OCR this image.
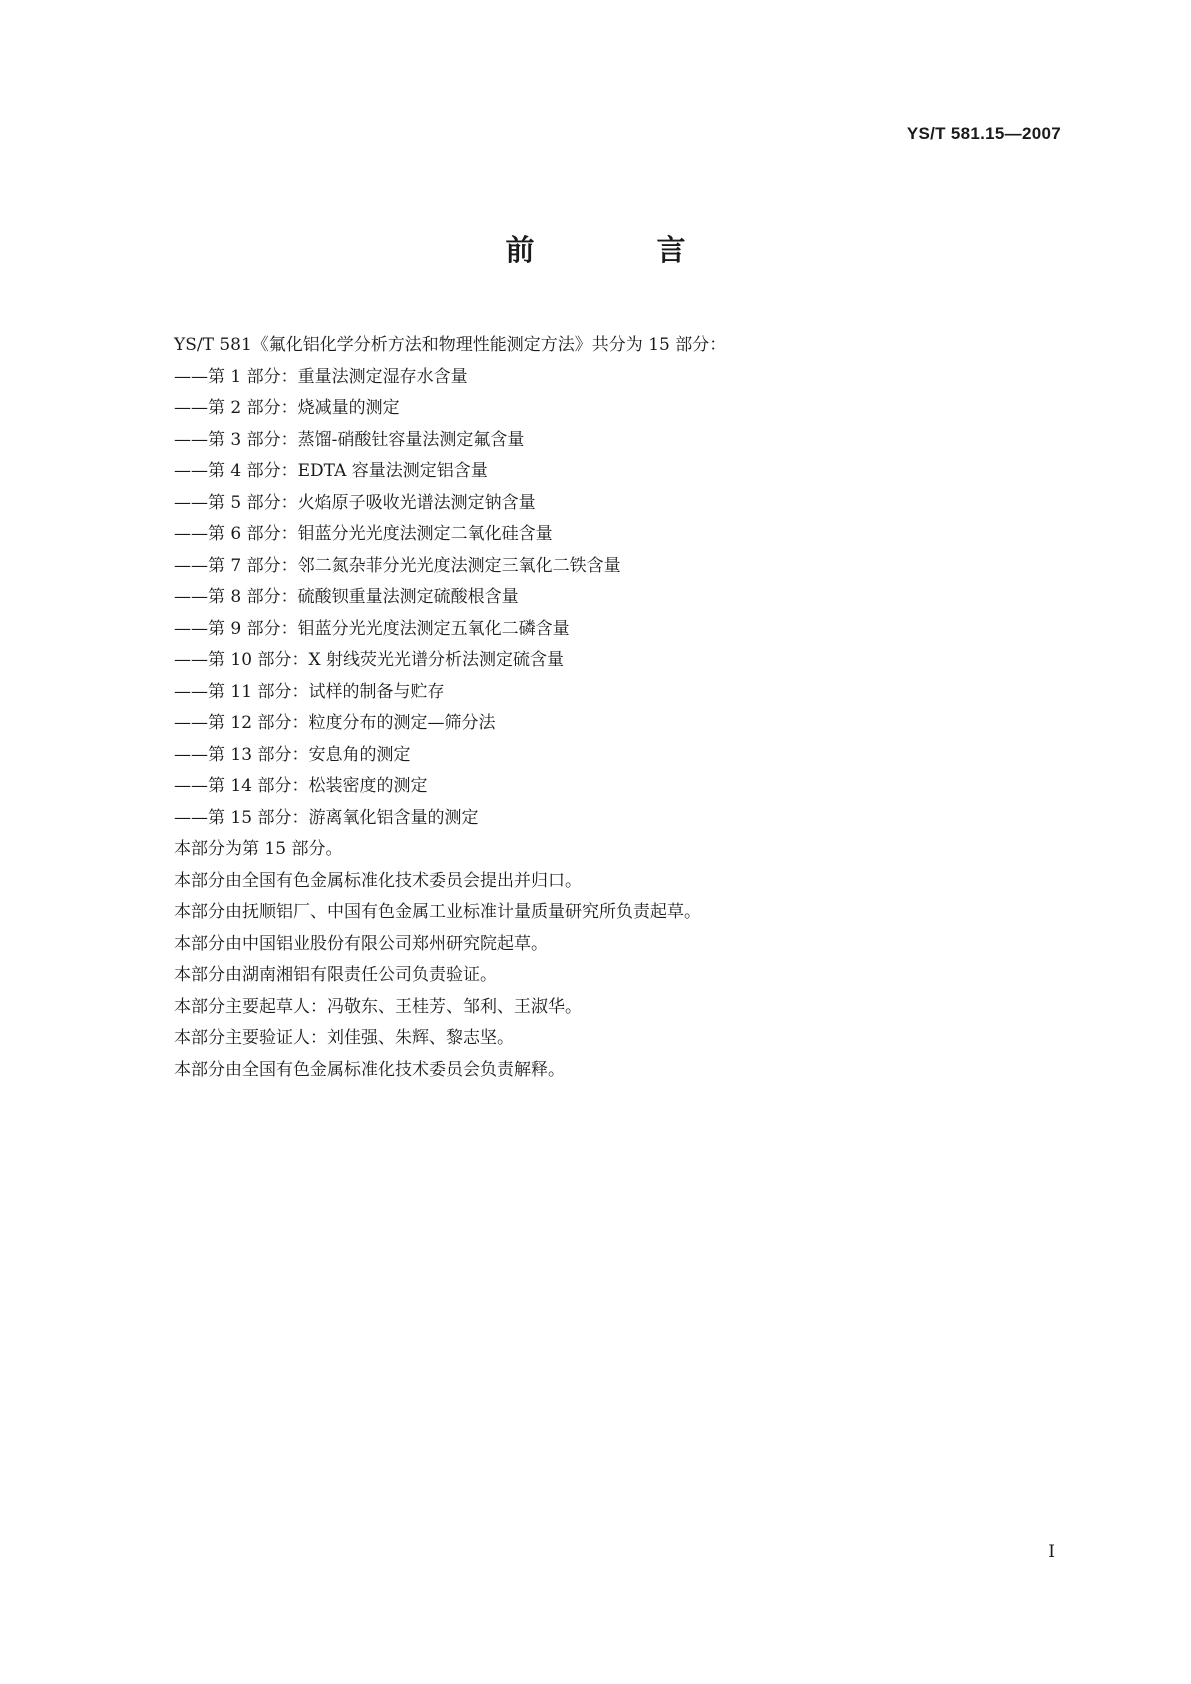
YS/T 581.15—2007
前 言
YS/T 581《氟化铝化学分析方法和物理性能测定方法》共分为 15 部分：
——第 1 部分：重量法测定湿存水含量
——第 2 部分：烧减量的测定
——第 3 部分：蒸馏-硝酸钍容量法测定氟含量
——第 4 部分：EDTA 容量法测定铝含量
——第 5 部分：火焰原子吸收光谱法测定钠含量
——第 6 部分：钼蓝分光光度法测定二氧化硅含量
——第 7 部分：邻二氮杂菲分光光度法测定三氧化二铁含量
——第 8 部分：硫酸钡重量法测定硫酸根含量
——第 9 部分：钼蓝分光光度法测定五氧化二磷含量
——第 10 部分：X 射线荧光光谱分析法测定硫含量
——第 11 部分：试样的制备与贮存
——第 12 部分：粒度分布的测定—筛分法
——第 13 部分：安息角的测定
——第 14 部分：松装密度的测定
——第 15 部分：游离氧化铝含量的测定
本部分为第 15 部分。
本部分由全国有色金属标准化技术委员会提出并归口。
本部分由抚顺铝厂、中国有色金属工业标准计量质量研究所负责起草。
本部分由中国铝业股份有限公司郑州研究院起草。
本部分由湖南湘铝有限责任公司负责验证。
本部分主要起草人：冯敬东、王桂芳、邹利、王淑华。
本部分主要验证人：刘佳强、朱辉、黎志坚。
本部分由全国有色金属标准化技术委员会负责解释。
I
